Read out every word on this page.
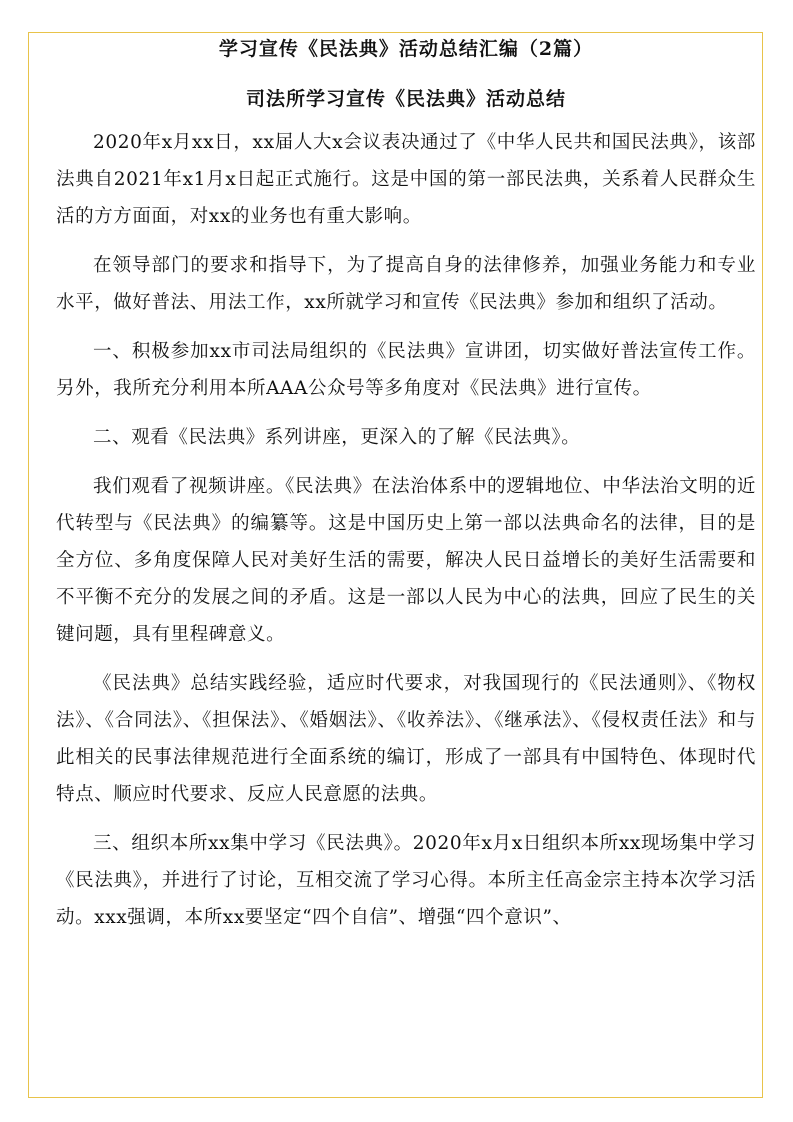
学习宣传《民法典》活动总结汇编（2篇）
司法所学习宣传《民法典》活动总结

2020年x月xx日，xx届人大x会议表决通过了《中华人民共和国民法典》，该部法典自2021年x1月x日起正式施行。这是中国的第一部民法典，关系着人民群众生活的方方面面，对xx的业务也有重大影响。

在领导部门的要求和指导下，为了提高自身的法律修养，加强业务能力和专业水平，做好普法、用法工作，xx所就学习和宣传《民法典》参加和组织了活动。

一、积极参加xx市司法局组织的《民法典》宣讲团，切实做好普法宣传工作。另外，我所充分利用本所AAA公众号等多角度对《民法典》进行宣传。

二、观看《民法典》系列讲座，更深入的了解《民法典》。

我们观看了视频讲座。《民法典》在法治体系中的逻辑地位、中华法治文明的近代转型与《民法典》的编纂等。这是中国历史上第一部以法典命名的法律，目的是全方位、多角度保障人民对美好生活的需要，解决人民日益增长的美好生活需要和不平衡不充分的发展之间的矛盾。这是一部以人民为中心的法典，回应了民生的关键问题，具有里程碑意义。

《民法典》总结实践经验，适应时代要求，对我国现行的《民法通则》、《物权法》、《合同法》、《担保法》、《婚姻法》、《收养法》、《继承法》、《侵权责任法》和与此相关的民事法律规范进行全面系统的编订，形成了一部具有中国特色、体现时代特点、顺应时代要求、反应人民意愿的法典。

三、组织本所xx集中学习《民法典》。2020年x月x日组织本所xx现场集中学习《民法典》，并进行了讨论，互相交流了学习心得。本所主任高金宗主持本次学习活动。xxx强调，本所xx要坚定“四个自信”、增强“四个意识”、
